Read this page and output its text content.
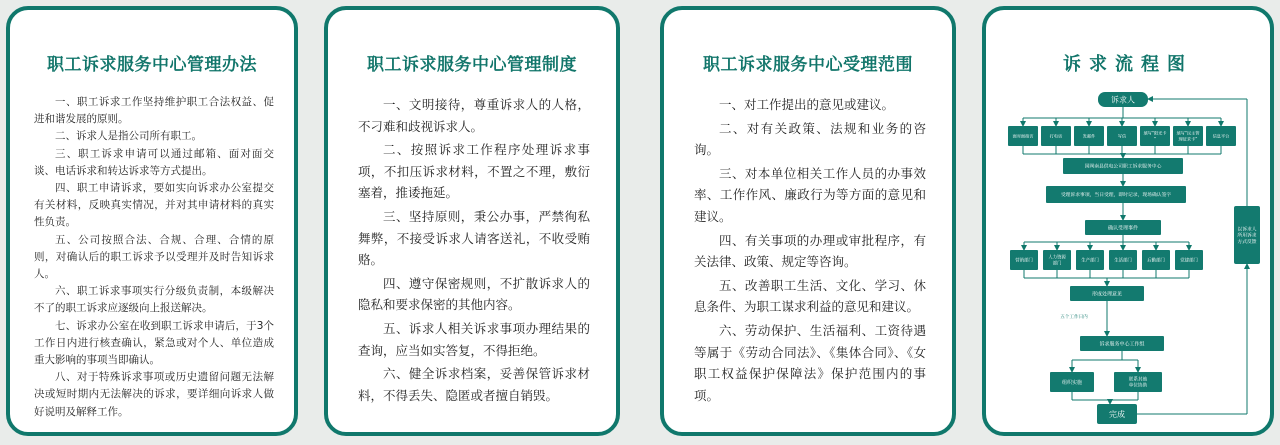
职工诉求服务中心管理办法

一、职工诉求工作坚持维护职工合法权益、促进和谐发展的原则。

二、诉求人是指公司所有职工。

三、职工诉求申请可以通过邮箱、面对面交谈、电话诉求和转达诉求等方式提出。

四、职工申请诉求，要如实向诉求办公室提交有关材料，反映真实情况，并对其申请材料的真实性负责。

五、公司按照合法、合规、合理、合情的原则，对确认后的职工诉求予以受理并及时告知诉求人。

六、职工诉求事项实行分级负责制，本级解决不了的职工诉求应逐级向上报送解决。

七、诉求办公室在收到职工诉求申请后，于3个工作日内进行核查确认，紧急或对个人、单位造成重大影响的事项当即确认。

八、对于特殊诉求事项或历史遗留问题无法解决或短时期内无法解决的诉求，要详细向诉求人做好说明及解释工作。

职工诉求服务中心管理制度

一、文明接待，尊重诉求人的人格，不刁难和歧视诉求人。

二、按照诉求工作程序处理诉求事项，不扣压诉求材料，不置之不理，敷衍塞着，推诿拖延。

三、坚持原则，秉公办事，严禁徇私舞弊，不接受诉求人请客送礼，不收受贿赂。

四、遵守保密规则，不扩散诉求人的隐私和要求保密的其他内容。

五、诉求人相关诉求事项办理结果的查询，应当如实答复，不得拒绝。

六、健全诉求档案，妥善保管诉求材料，不得丢失、隐匿或者擅自销毁。

职工诉求服务中心受理范围

一、对工作提出的意见或建议。

二、对有关政策、法规和业务的咨询。

三、对本单位相关工作人员的办事效率、工作作风、廉政行为等方面的意见和建议。

四、有关事项的办理或审批程序，有关法律、政策、规定等咨询。

五、改善职工生活、文化、学习、休息条件、为职工谋求利益的意见和建议。

六、劳动保护、生活福利、工资待遇等属于《劳动合同法》、《集体合同》、《女职工权益保护保障法》保护范围内的事项。

诉求流程图
诉求人
面对面接访	打电话	发邮件	写信
填写“阳光卡
”
填写“民主管
理征求卡”
信息平台
国网南县供电公司职工诉求服务中心
受理诉求事项，当日受理，即时记录，现场确认签字
确认受理事件
营销部门
人力资源
部门
生产部门	生活部门	后勤部门	党建部门
形成处理意见
五个工作日内
诉求服务中心工作组
组织实施	联系其他
单位协助
完成
以诉求人
所用诉求
方式反馈
